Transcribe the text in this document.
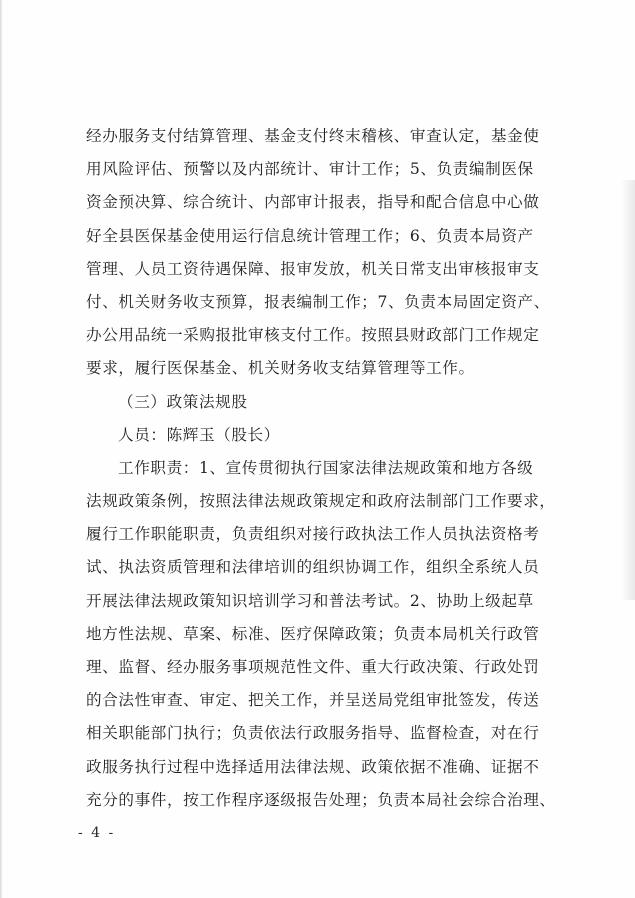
经办服务支付结算管理、基金支付终末稽核、审查认定，基金使
用风险评估、预警以及内部统计、审计工作；5、负责编制医保
资金预决算、综合统计、内部审计报表，指导和配合信息中心做
好全县医保基金使用运行信息统计管理工作；6、负责本局资产
管理、人员工资待遇保障、报审发放，机关日常支出审核报审支
付、机关财务收支预算，报表编制工作；7、负责本局固定资产、
办公用品统一采购报批审核支付工作。按照县财政部门工作规定
要求，履行医保基金、机关财务收支结算管理等工作。
（三）政策法规股
人员：陈辉玉（股长）
工作职责：1、宣传贯彻执行国家法律法规政策和地方各级
法规政策条例，按照法律法规政策规定和政府法制部门工作要求，
履行工作职能职责，负责组织对接行政执法工作人员执法资格考
试、执法资质管理和法律培训的组织协调工作，组织全系统人员
开展法律法规政策知识培训学习和普法考试。2、协助上级起草
地方性法规、草案、标准、医疗保障政策；负责本局机关行政管
理、监督、经办服务事项规范性文件、重大行政决策、行政处罚
的合法性审查、审定、把关工作，并呈送局党组审批签发，传送
相关职能部门执行；负责依法行政服务指导、监督检查，对在行
政服务执行过程中选择适用法律法规、政策依据不准确、证据不
充分的事件，按工作程序逐级报告处理；负责本局社会综合治理、
- 4 -
